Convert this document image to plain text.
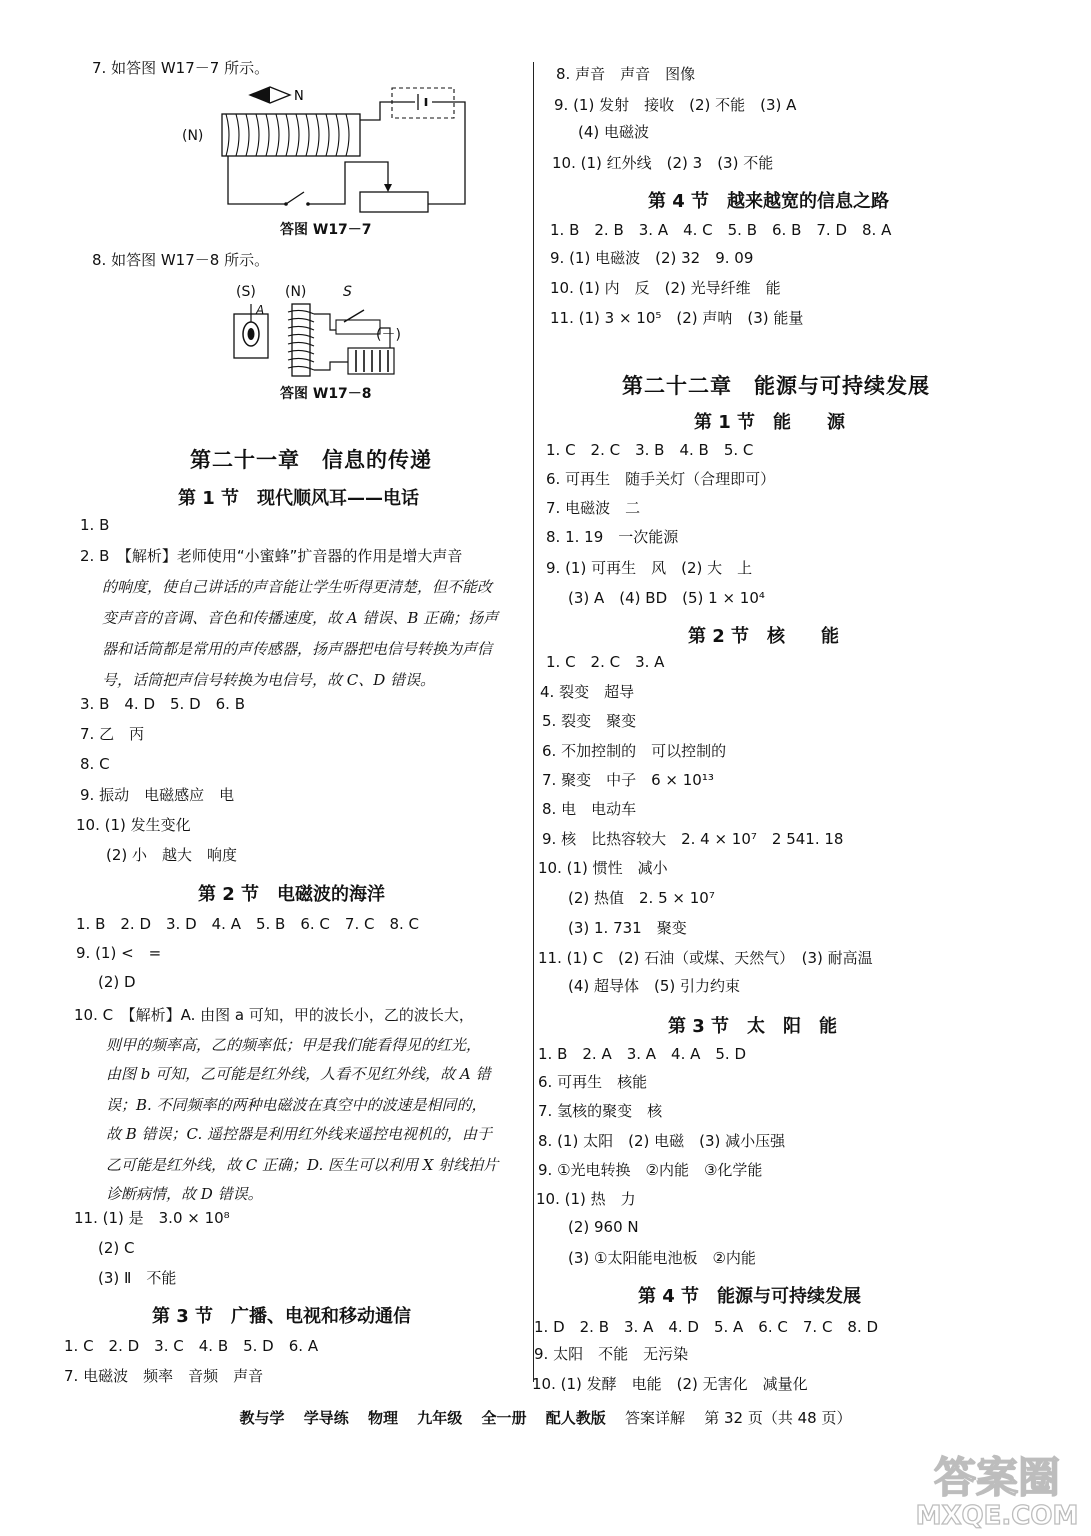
7. 如答图 W17－7 所示。
N
(N)
答图 W17－7
8. 如答图 W17－8 所示。
(S)
A
(N)	S
(－)
答图 W17－8
第二十一章　信息的传递
第 1 节　现代顺风耳——电话
1. B
2. B　【解析】老师使用“小蜜蜂”扩音器的作用是增大声音
的响度，使自己讲话的声音能让学生听得更清楚，但不能改
变声音的音调、音色和传播速度，故 A 错误、B 正确；扬声
器和话筒都是常用的声传感器，扬声器把电信号转换为声信
号，话筒把声信号转换为电信号，故 C、D 错误。
3. B　4. D　5. D　6. B
7. 乙　丙
8. C
9. 振动　电磁感应　电
10. (1) 发生变化
(2) 小　越大　响度
第 2 节　电磁波的海洋
1. B　2. D　3. D　4. A　5. B　6. C　7. C　8. C
9. (1) <　=
(2) D
10. C　【解析】A. 由图 a 可知，甲的波长小，乙的波长大，
则甲的频率高，乙的频率低；甲是我们能看得见的红光，
由图 b 可知，乙可能是红外线，人看不见红外线，故 A 错
误；B. 不同频率的两种电磁波在真空中的波速是相同的，
故 B 错误；C. 遥控器是利用红外线来遥控电视机的，由于
乙可能是红外线，故 C 正确；D. 医生可以利用 X 射线拍片
诊断病情，故 D 错误。
11. (1) 是　3.0 × 10⁸
(2) C
(3) Ⅱ　不能
第 3 节　广播、电视和移动通信
1. C　2. D　3. C　4. B　5. D　6. A
7. 电磁波　频率　音频　声音
8. 声音　声音　图像
9. (1) 发射　接收　(2) 不能　(3) A
(4) 电磁波
10. (1) 红外线　(2) 3　(3) 不能
第 4 节　越来越宽的信息之路
1. B　2. B　3. A　4. C　5. B　6. B　7. D　8. A
9. (1) 电磁波　(2) 32　9. 09
10. (1) 内　反　(2) 光导纤维　能
11. (1) 3 × 10⁵　(2) 声呐　(3) 能量
第二十二章　能源与可持续发展
第 1 节　能　　源
1. C　2. C　3. B　4. B　5. C
6. 可再生　随手关灯（合理即可）
7. 电磁波　二
8. 1. 19　一次能源
9. (1) 可再生　风　(2) 大　上
(3) A　(4) BD　(5) 1 × 10⁴
第 2 节　核　　能
1. C　2. C　3. A
4. 裂变　超导
5. 裂变　聚变
6. 不加控制的　可以控制的
7. 聚变　中子　6 × 10¹³
8. 电　电动车
9. 核　比热容较大　2. 4 × 10⁷　2 541. 18
10. (1) 惯性　减小
(2) 热值　2. 5 × 10⁷
(3) 1. 731　聚变
11. (1) C　(2) 石油（或煤、天然气）　(3) 耐高温
(4) 超导体　(5) 引力约束
第 3 节　太　阳　能
1. B　2. A　3. A　4. A　5. D
6. 可再生　核能
7. 氢核的聚变　核
8. (1) 太阳　(2) 电磁　(3) 减小压强
9. ①光电转换　②内能　③化学能
10. (1) 热　力
(2) 960 N
(3) ①太阳能电池板　②内能
第 4 节　能源与可持续发展
1. D　2. B　3. A　4. D　5. A　6. C　7. C　8. D
9. 太阳　不能　无污染
10. (1) 发酵　电能　(2) 无害化　减量化
教与学 学导练 物理 九年级 全一册 配人教版 答案详解 第 32 页（共 48 页）
答案圈
MXQE.COM
